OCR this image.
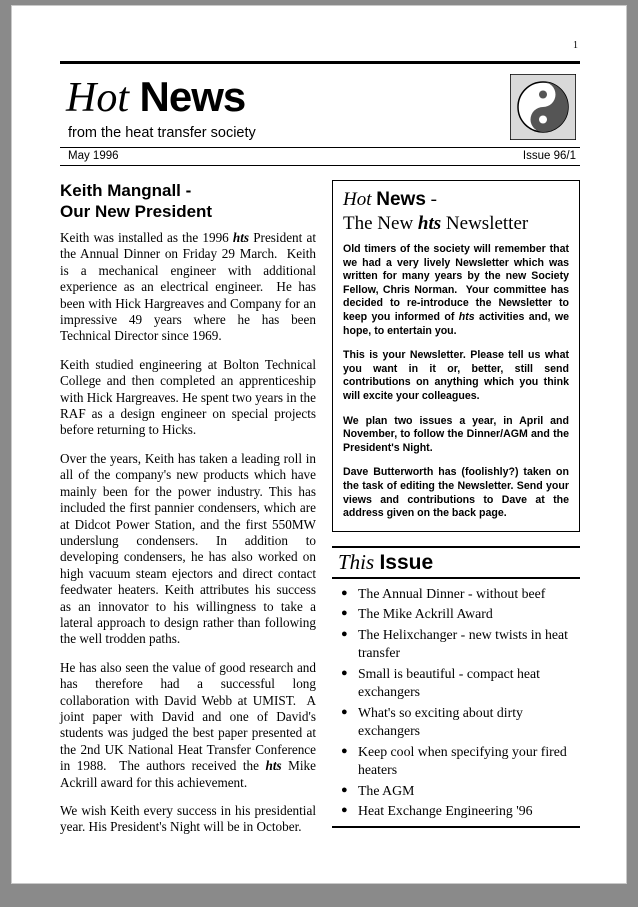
1
Hot News
from the heat transfer society
May 1996	Issue 96/1
Keith Mangnall -
Our New President

Keith was installed as the 1996 hts President at the Annual Dinner on Friday 29 March.  Keith is a mechanical engineer with additional experience as an electrical engineer.  He has been with Hick Hargreaves and Company for an impressive 49 years where he has been Technical Director since 1969.

Keith studied engineering at Bolton Technical College and then completed an apprenticeship with Hick Hargreaves. He spent two years in the RAF as a design engineer on special projects before returning to Hicks.

Over the years, Keith has taken a leading roll in all of the company's new products which have mainly been for the power industry. This has included the first pannier condensers, which are at Didcot Power Station, and the first 550MW underslung condensers. In addition to developing condensers, he has also worked on high vacuum steam ejectors and direct contact feedwater heaters. Keith attributes his success as an innovator to his willingness to take a lateral approach to design rather than following the well trodden paths.

He has also seen the value of good research and has therefore had a successful long collaboration with David Webb at UMIST.  A joint paper with David and one of David's students was judged the best paper presented at the 2nd UK National Heat Transfer Conference in 1988.  The authors received the hts Mike Ackrill award for this achievement.

We wish Keith every success in his presidential year. His President's Night will be in October.

Hot News -
The New hts Newsletter

Old timers of the society will remember that we had a very lively Newsletter which was written for many years by the new Society Fellow, Chris Norman.  Your committee has decided to re-introduce the Newsletter to keep you informed of hts activities and, we hope, to entertain you.

This is your Newsletter. Please tell us what you want in it or, better, still send contributions on anything which you think will excite your colleagues.

We plan two issues a year, in April and November, to follow the Dinner/AGM and the President's Night.

Dave Butterworth has (foolishly?) taken on the task of editing the Newsletter. Send your views and contributions to Dave at the address given on the back page.

This Issue
● The Annual Dinner - without beef
● The Mike Ackrill Award
● The Helixchanger - new twists in heat transfer
● Small is beautiful - compact heat exchangers
● What's so exciting about dirty exchangers
● Keep cool when specifying your fired heaters
● The AGM
● Heat Exchange Engineering '96
